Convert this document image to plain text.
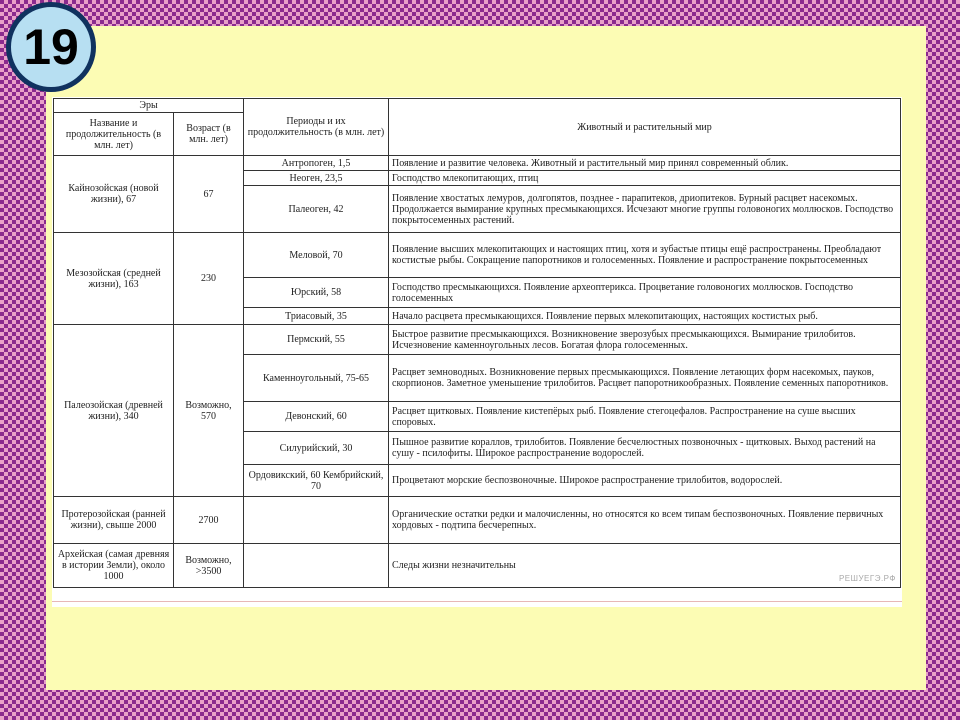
19
Эры		Периоды и их продолжительность (в млн. лет)	Животный и растительный мир
Название и продолжительность (в млн. лет)	Возраст (в млн. лет)		
Кайнозойская (новой жизни), 67	67	Антропоген, 1,5	Появление и развитие человека. Животный и растительный мир принял современный облик.
		Неоген, 23,5	Господство млекопитающих, птиц
		Палеоген, 42	Появление хвостатых лемуров, долгопятов, позднее - парапитеков, дриопитеков. Бурный расцвет насекомых. Продолжается вымирание крупных пресмыкающихся. Исчезают многие группы головоногих моллюсков. Господство покрытосеменных растений.
Мезозойская (средней жизни), 163	230	Меловой, 70	Появление высших млекопитающих и настоящих птиц, хотя и зубастые птицы ещё распространены. Преобладают костистые рыбы. Сокращение папоротников и голосеменных. Появление и распространение покрытосеменных
		Юрский, 58	Господство пресмыкающихся. Появление археоптерикса. Процветание головоногих моллюсков. Господство голосеменных
		Триасовый, 35	Начало расцвета пресмыкающихся. Появление первых млекопитающих, настоящих костистых рыб.
Палеозойская (древней жизни), 340	Возможно, 570	Пермский, 55	Быстрое развитие пресмыкающихся. Возникновение зверозубых пресмыкающихся. Вымирание трилобитов. Исчезновение каменноугольных лесов. Богатая флора голосеменных.
		Каменноугольный, 75-65	Расцвет земноводных. Возникновение первых пресмыкающихся. Появление летающих форм насекомых, пауков, скорпионов. Заметное уменьшение трилобитов. Расцвет папоротникообразных. Появление семенных папоротников.
		Девонский, 60	Расцвет щитковых. Появление кистепёрых рыб. Появление стегоцефалов. Распространение на суше высших споровых.
		Силурийский, 30	Пышное развитие кораллов, трилобитов. Появление бесчелюстных позвоночных - щитковых. Выход растений на сушу - псилофиты. Широкое распространение водорослей.
		Ордовикский, 60 Кембрийский, 70	Процветают морские беспозвоночные. Широкое распространение трилобитов, водорослей.
Протерозойская (ранней жизни), свыше 2000	2700		Органические остатки редки и малочисленны, но относятся ко всем типам беспозвоночных. Появление первичных хордовых - подтипа бесчерепных.
Архейская (самая древняя в истории Земли), около 1000	Возможно, >3500		Следы жизни незначительны
РЕШУЕГЭ.РФ
